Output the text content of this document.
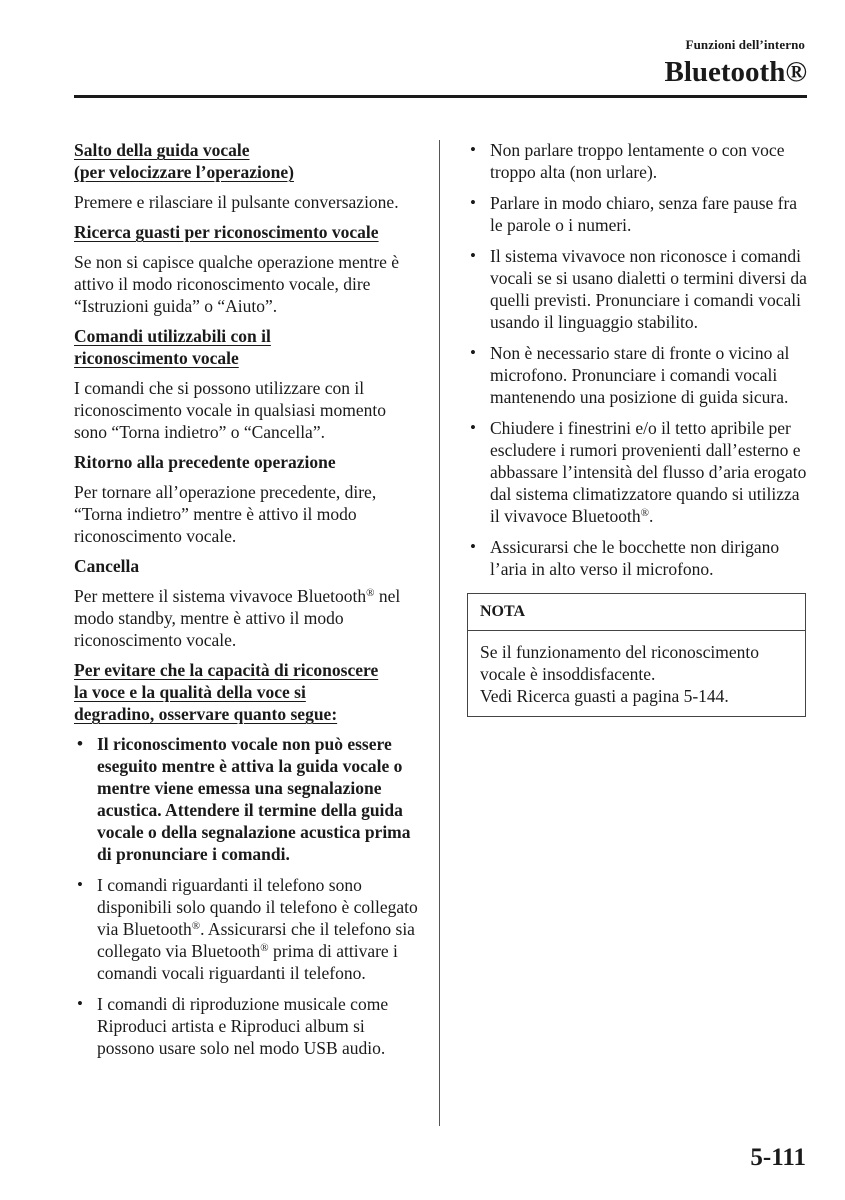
Funzioni dell’interno
Bluetooth®
Salto della guida vocale
(per velocizzare l’operazione)

Premere e rilasciare il pulsante conversazione.

Ricerca guasti per riconoscimento vocale

Se non si capisce qualche operazione mentre è attivo il modo riconoscimento vocale, dire “Istruzioni guida” o “Aiuto”.

Comandi utilizzabili con il
riconoscimento vocale

I comandi che si possono utilizzare con il riconoscimento vocale in qualsiasi momento sono “Torna indietro” o “Cancella”.

Ritorno alla precedente operazione

Per tornare all’operazione precedente, dire, “Torna indietro” mentre è attivo il modo riconoscimento vocale.

Cancella

Per mettere il sistema vivavoce Bluetooth® nel modo standby, mentre è attivo il modo riconoscimento vocale.

Per evitare che la capacità di riconoscere
la voce e la qualità della voce si
degradino, osservare quanto segue:
• Il riconoscimento vocale non può essere eseguito mentre è attiva la guida vocale o mentre viene emessa una segnalazione acustica. Attendere il termine della guida vocale o della segnalazione acustica prima di pronunciare i comandi.
• I comandi riguardanti il telefono sono disponibili solo quando il telefono è collegato via Bluetooth®. Assicurarsi che il telefono sia collegato via Bluetooth® prima di attivare i comandi vocali riguardanti il telefono.
• I comandi di riproduzione musicale come Riproduci artista e Riproduci album si possono usare solo nel modo USB audio.
• Non parlare troppo lentamente o con voce troppo alta (non urlare).
• Parlare in modo chiaro, senza fare pause fra le parole o i numeri.
• Il sistema vivavoce non riconosce i comandi vocali se si usano dialetti o termini diversi da quelli previsti. Pronunciare i comandi vocali usando il linguaggio stabilito.
• Non è necessario stare di fronte o vicino al microfono. Pronunciare i comandi vocali mantenendo una posizione di guida sicura.
• Chiudere i finestrini e/o il tetto apribile per escludere i rumori provenienti dall’esterno e abbassare l’intensità del flusso d’aria erogato dal sistema climatizzatore quando si utilizza il vivavoce Bluetooth®.
• Assicurarsi che le bocchette non dirigano l’aria in alto verso il microfono.
NOTA
Se il funzionamento del riconoscimento vocale è insoddisfacente.
Vedi Ricerca guasti a pagina 5-144.
5-111
